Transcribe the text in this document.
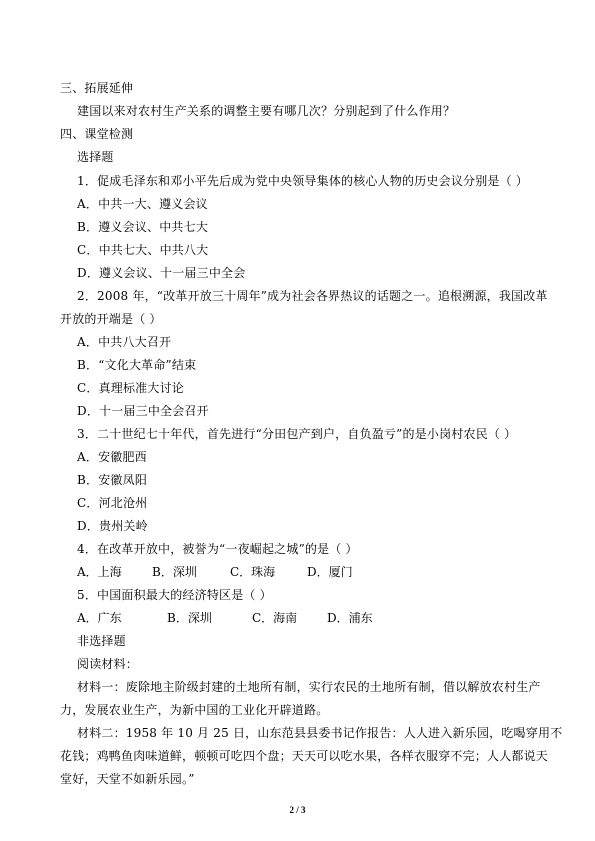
三、拓展延伸
建国以来对农村生产关系的调整主要有哪几次？分别起到了什么作用？
四、课堂检测
选择题
1．促成毛泽东和邓小平先后成为党中央领导集体的核心人物的历史会议分别是（ ）
A．中共一大、遵义会议
B．遵义会议、中共七大
C．中共七大、中共八大
D．遵义会议、十一届三中全会
2．2008 年，“改革开放三十周年”成为社会各界热议的话题之一。追根溯源，我国改革
开放的开端是（ ）
A．中共八大召开
B．“文化大革命”结束
C．真理标准大讨论
D．十一届三中全会召开
3．二十世纪七十年代，首先进行“分田包产到户，自负盈亏”的是小岗村农民（ ）
A．安徽肥西
B．安徽凤阳
C．河北沧州
D．贵州关岭
4．在改革开放中，被誉为“一夜崛起之城”的是（ ）
A．上海	B．深圳	C．珠海	D．厦门
5．中国面积最大的经济特区是（ ）
A．广东	B．深圳	C．海南 D．浦东
非选择题
阅读材料：
材料一：废除地主阶级封建的土地所有制，实行农民的土地所有制，借以解放农村生产
力，发展农业生产，为新中国的工业化开辟道路。
材料二：1958 年 10 月 25 日，山东范县县委书记作报告：人人进入新乐园，吃喝穿用不
花钱；鸡鸭鱼肉味道鲜，顿顿可吃四个盘；天天可以吃水果，各样衣服穿不完；人人都说天
堂好，天堂不如新乐园。”
2 / 3
